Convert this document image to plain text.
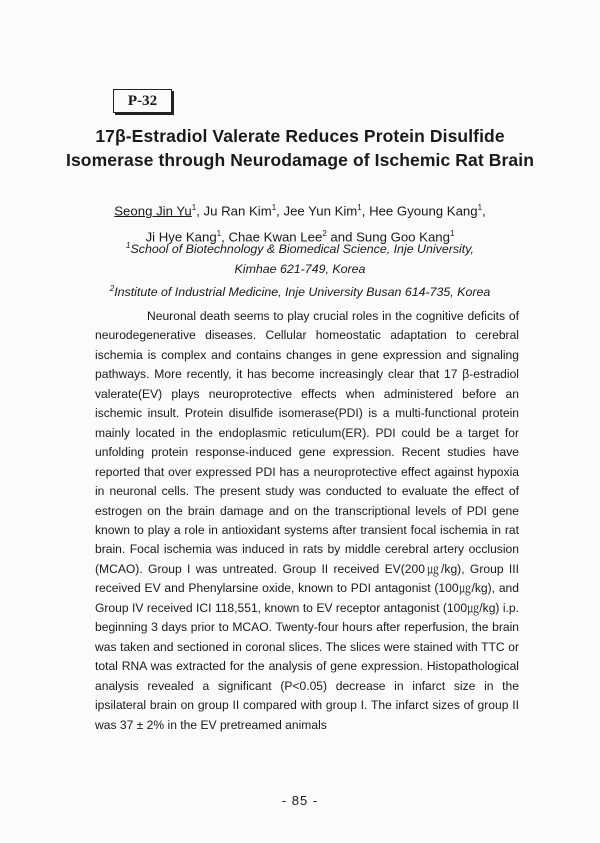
P-32
17β-Estradiol Valerate Reduces Protein Disulfide
Isomerase through Neurodamage of Ischemic Rat Brain
Seong Jin Yu$^1$, Ju Ran Kim$^1$, Jee Yun Kim$^1$, Hee Gyoung Kang$^1$,
Ji Hye Kang$^1$, Chae Kwan Lee$^2$ and Sung Goo Kang$^1$
$^1$School of Biotechnology & Biomedical Science, Inje University,
Kimhae 621-749, Korea
$^2$Institute of Industrial Medicine, Inje University Busan 614-735, Korea

Neuronal death seems to play crucial roles in the cognitive deficits of neurodegenerative diseases. Cellular homeostatic adaptation to cerebral ischemia is complex and contains changes in gene expression and signaling pathways. More recently, it has become increasingly clear that 17 β-estradiol valerate(EV) plays neuroprotective effects when administered before an ischemic insult. Protein disulfide isomerase(PDI) is a multi-functional protein mainly located in the endoplasmic reticulum(ER). PDI could be a target for unfolding protein response-induced gene expression. Recent studies have reported that over expressed PDI has a neuroprotective effect against hypoxia in neuronal cells. The present study was conducted to evaluate the effect of estrogen on the brain damage and on the transcriptional levels of PDI gene known to play a role in antioxidant systems after transient focal ischemia in rat brain. Focal ischemia was induced in rats by middle cerebral artery occlusion (MCAO). Group I was untreated. Group II received EV(200㎍/kg), Group III received EV and Phenylarsine oxide, known to PDI antagonist (100㎍/kg), and Group IV received ICI 118,551, known to EV receptor antagonist (100㎍/kg) i.p. beginning 3 days prior to MCAO. Twenty-four hours after reperfusion, the brain was taken and sectioned in coronal slices. The slices were stained with TTC or total RNA was extracted for the analysis of gene expression. Histopathological analysis revealed a significant (P<0.05) decrease in infarct size in the ipsilateral brain on group II compared with group I. The infarct sizes of group II was 37 ± 2% in the EV pretreamed animals

- 85 -
